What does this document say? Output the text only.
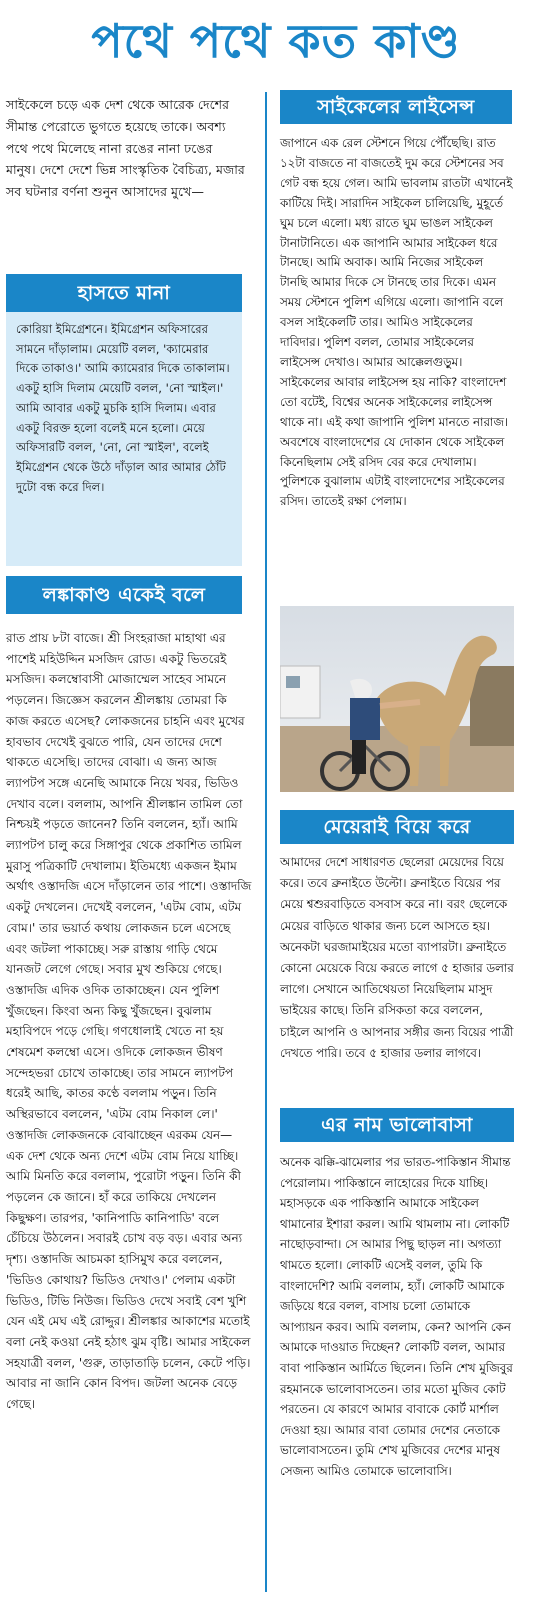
পথে পথে কত কাণ্ড
সাইকেলে চড়ে এক দেশ থেকে আরেক দেশের সীমান্ত পেরোতে ভুগতে হয়েছে তাকে। অবশ্য পথে পথে মিলেছে নানা রঙের নানা ঢঙের মানুষ। দেশে দেশে ভিন্ন সাংস্কৃতিক বৈচিত্র্য, মজার সব ঘটনার বর্ণনা শুনুন আসাদের মুখে—
হাসতে মানা
কোরিয়া ইমিগ্রেশনে। ইমিগ্রেশন অফিসারের সামনে দাঁড়ালাম। মেয়েটি বলল, 'ক্যামেরার দিকে তাকাও।' আমি ক্যামেরার দিকে তাকালাম। একটু হাসি দিলাম মেয়েটি বলল, 'নো স্মাইল।' আমি আবার একটু মুচকি হাসি দিলাম। এবার একটু বিরক্ত হলো বলেই মনে হলো। মেয়ে অফিসারটি বলল, 'নো, নো স্মাইল', বলেই ইমিগ্রেশন থেকে উঠে দাঁড়াল আর আমার ঠোঁট দুটো বন্ধ করে দিল।
লঙ্কাকাণ্ড একেই বলে
রাত প্রায় ৮টা বাজে। শ্রী সিংহরাজা মাহাথা এর পাশেই মহিউদ্দিন মসজিদ রোড। একটু ভিতরেই মসজিদ। কলম্বোবাসী মোজাম্মেল সাহেব সামনে পড়লেন। জিজ্ঞেস করলেন শ্রীলঙ্কায় তোমরা কি কাজ করতে এসেছ? লোকজনের চাহনি এবং মুখের হাবভাব দেখেই বুঝতে পারি, যেন তাদের দেশে থাকতে এসেছি। তাদের বোঝা। এ জন্য আজ ল্যাপটপ সঙ্গে এনেছি আমাকে নিয়ে খবর, ভিডিও দেখাব বলে। বললাম, আপনি শ্রীলঙ্কান তামিল তো নিশ্চয়ই পড়তে জানেন? তিনি বললেন, হ্যাঁ। আমি ল্যাপটপ চালু করে সিঙ্গাপুর থেকে প্রকাশিত তামিল মুরাসু পত্রিকাটি দেখালাম। ইতিমধ্যে একজন ইমাম অর্থাৎ ওস্তাদজি এসে দাঁড়ালেন তার পাশে। ওস্তাদজি একটু দেখলেন। দেখেই বললেন, 'এটম বোম, এটম বোম।' তার ভয়ার্ত কথায় লোকজন চলে এসেছে এবং জটলা পাকাচ্ছে। সরু রাস্তায় গাড়ি থেমে যানজট লেগে গেছে। সবার মুখ শুকিয়ে গেছে। ওস্তাদজি এদিক ওদিক তাকাচ্ছেন। যেন পুলিশ খুঁজছেন। কিংবা অন্য কিছু খুঁজছেন। বুঝলাম মহাবিপদে পড়ে গেছি। গণধোলাই খেতে না হয় শেষমেশ কলম্বো এসে। ওদিকে লোকজন ভীষণ সন্দেহভরা চোখে তাকাচ্ছে। তার সামনে ল্যাপটপ ধরেই আছি, কাতর কণ্ঠে বললাম পড়ুন। তিনি অস্থিরভাবে বললেন, 'এটম বোম নিকাল লে।' ওস্তাদজি লোকজনকে বোঝাচ্ছেন এরকম যেন— এক দেশ থেকে অন্য দেশে এটম বোম নিয়ে যাচ্ছি। আমি মিনতি করে বললাম, পুরোটা পড়ুন। তিনি কী পড়লেন কে জানে। হাঁ করে তাকিয়ে দেখলেন কিছুক্ষণ। তারপর, 'কানিপাডি কানিপাডি' বলে চেঁচিয়ে উঠলেন। সবারই চোখ বড় বড়। এবার অন্য দৃশ্য। ওস্তাদজি আচমকা হাসিমুখ করে বললেন, 'ভিডিও কোথায়? ভিডিও দেখাও।' পেলাম একটা ভিডিও, টিভি নিউজ। ভিডিও দেখে সবাই বেশ খুশি যেন এই মেঘ এই রোদ্দুর। শ্রীলঙ্কার আকাশের মতোই বলা নেই কওয়া নেই হঠাৎ ঝুম বৃষ্টি। আমার সাইকেল সহযাত্রী বলল, 'গুরু, তাড়াতাড়ি চলেন, কেটে পড়ি। আবার না জানি কোন বিপদ। জটলা অনেক বেড়ে গেছে।
সাইকেলের লাইসেন্স
জাপানে এক রেল স্টেশনে গিয়ে পৌঁছেছি। রাত ১২টা বাজতে না বাজতেই দুম করে স্টেশনের সব গেট বন্ধ হয়ে গেল। আমি ভাবলাম রাতটা এখানেই কাটিয়ে দিই। সারাদিন সাইকেল চালিয়েছি, মুহূর্তে ঘুম চলে এলো। মধ্য রাতে ঘুম ভাঙল সাইকেল টানাটানিতে। এক জাপানি আমার সাইকেল ধরে টানছে। আমি অবাক। আমি নিজের সাইকেল টানছি আমার দিকে সে টানছে তার দিকে। এমন সময় স্টেশনে পুলিশ এগিয়ে এলো। জাপানি বলে বসল সাইকেলটি তার। আমিও সাইকেলের দাবিদার। পুলিশ বলল, তোমার সাইকেলের লাইসেন্স দেখাও। আমার আক্কেলগুড়ুম। সাইকেলের আবার লাইসেন্স হয় নাকি? বাংলাদেশ তো বটেই, বিশ্বের অনেক সাইকেলের লাইসেন্স থাকে না। এই কথা জাপানি পুলিশ মানতে নারাজ। অবশেষে বাংলাদেশের যে দোকান থেকে সাইকেল কিনেছিলাম সেই রসিদ বের করে দেখালাম। পুলিশকে বুঝালাম এটাই বাংলাদেশের সাইকেলের রসিদ। তাতেই রক্ষা পেলাম।
মেয়েরাই বিয়ে করে
আমাদের দেশে সাধারণত ছেলেরা মেয়েদের বিয়ে করে। তবে ব্রুনাইতে উল্টো। ব্রুনাইতে বিয়ের পর মেয়ে শ্বশুরবাড়িতে বসবাস করে না। বরং ছেলেকে মেয়ের বাড়িতে থাকার জন্য চলে আসতে হয়। অনেকটা ঘরজামাইয়ের মতো ব্যাপারটা। ব্রুনাইতে কোনো মেয়েকে বিয়ে করতে লাগে ৫ হাজার ডলার লাগে। সেখানে আতিথেয়তা নিয়েছিলাম মাসুদ ভাইয়ের কাছে। তিনি রসিকতা করে বললেন, চাইলে আপনি ও আপনার সঙ্গীর জন্য বিয়ের পাত্রী দেখতে পারি। তবে ৫ হাজার ডলার লাগবে।
এর নাম ভালোবাসা
অনেক ঝক্কি-ঝামেলার পর ভারত-পাকিস্তান সীমান্ত পেরোলাম। পাকিস্তানে লাহোরের দিকে যাচ্ছি। মহাসড়কে এক পাকিস্তানি আমাকে সাইকেল থামানোর ইশারা করল। আমি থামলাম না। লোকটি নাছোড়বান্দা। সে আমার পিছু ছাড়ল না। অগত্যা থামতে হলো। লোকটি এসেই বলল, তুমি কি বাংলাদেশি? আমি বললাম, হ্যাঁ। লোকটি আমাকে জড়িয়ে ধরে বলল, বাসায় চলো তোমাকে আপ্যায়ন করব। আমি বললাম, কেন? আপনি কেন আমাকে দাওয়াত দিচ্ছেন? লোকটি বলল, আমার বাবা পাকিস্তান আর্মিতে ছিলেন। তিনি শেখ মুজিবুর রহমানকে ভালোবাসতেন। তার মতো মুজিব কোট পরতেন। যে কারণে আমার বাবাকে কোর্ট মার্শাল দেওয়া হয়। আমার বাবা তোমার দেশের নেতাকে ভালোবাসতেন। তুমি শেখ মুজিবের দেশের মানুষ সেজন্য আমিও তোমাকে ভালোবাসি।
